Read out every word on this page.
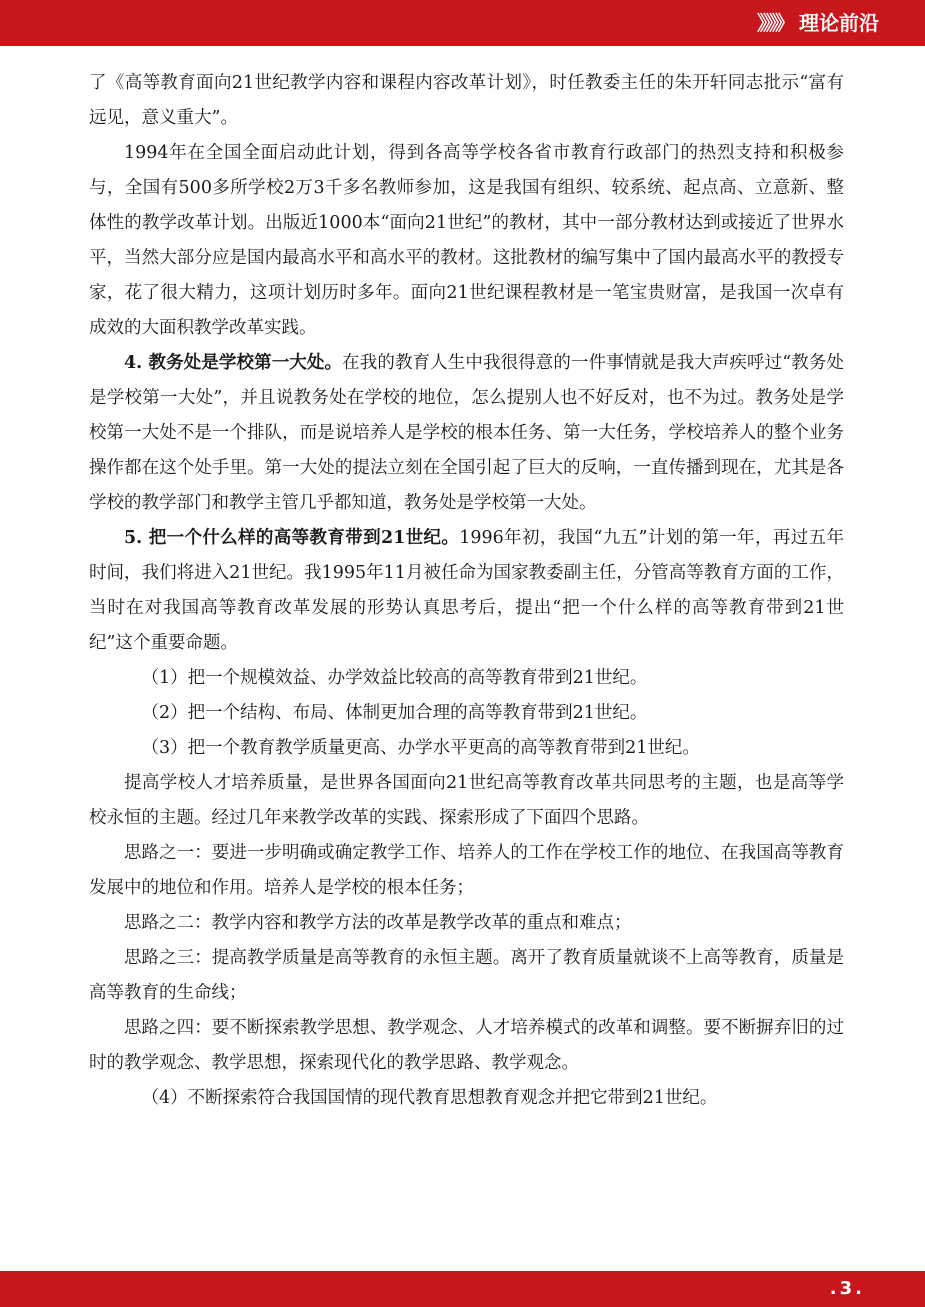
》》》》 理论前沿

了《高等教育面向21世纪教学内容和课程内容改革计划》，时任教委主任的朱开轩同志批示“富有远见，意义重大”。

1994年在全国全面启动此计划，得到各高等学校各省市教育行政部门的热烈支持和积极参与，全国有500多所学校2万3千多名教师参加，这是我国有组织、较系统、起点高、立意新、整体性的教学改革计划。出版近1000本“面向21世纪”的教材，其中一部分教材达到或接近了世界水平，当然大部分应是国内最高水平和高水平的教材。这批教材的编写集中了国内最高水平的教授专家，花了很大精力，这项计划历时多年。面向21世纪课程教材是一笔宝贵财富，是我国一次卓有成效的大面积教学改革实践。

4. 教务处是学校第一大处。在我的教育人生中我很得意的一件事情就是我大声疾呼过“教务处是学校第一大处”，并且说教务处在学校的地位，怎么提别人也不好反对，也不为过。教务处是学校第一大处不是一个排队，而是说培养人是学校的根本任务、第一大任务，学校培养人的整个业务操作都在这个处手里。第一大处的提法立刻在全国引起了巨大的反响，一直传播到现在，尤其是各学校的教学部门和教学主管几乎都知道，教务处是学校第一大处。

5. 把一个什么样的高等教育带到21世纪。1996年初，我国“九五”计划的第一年，再过五年时间，我们将进入21世纪。我1995年11月被任命为国家教委副主任，分管高等教育方面的工作，当时在对我国高等教育改革发展的形势认真思考后，提出“把一个什么样的高等教育带到21世纪”这个重要命题。

（1）把一个规模效益、办学效益比较高的高等教育带到21世纪。

（2）把一个结构、布局、体制更加合理的高等教育带到21世纪。

（3）把一个教育教学质量更高、办学水平更高的高等教育带到21世纪。

提高学校人才培养质量，是世界各国面向21世纪高等教育改革共同思考的主题，也是高等学校永恒的主题。经过几年来教学改革的实践、探索形成了下面四个思路。

思路之一：要进一步明确或确定教学工作、培养人的工作在学校工作的地位、在我国高等教育发展中的地位和作用。培养人是学校的根本任务；

思路之二：教学内容和教学方法的改革是教学改革的重点和难点；

思路之三：提高教学质量是高等教育的永恒主题。离开了教育质量就谈不上高等教育，质量是高等教育的生命线；

思路之四：要不断探索教学思想、教学观念、人才培养模式的改革和调整。要不断摒弃旧的过时的教学观念、教学思想，探索现代化的教学思路、教学观念。

（4）不断探索符合我国国情的现代教育思想教育观念并把它带到21世纪。

.3.
